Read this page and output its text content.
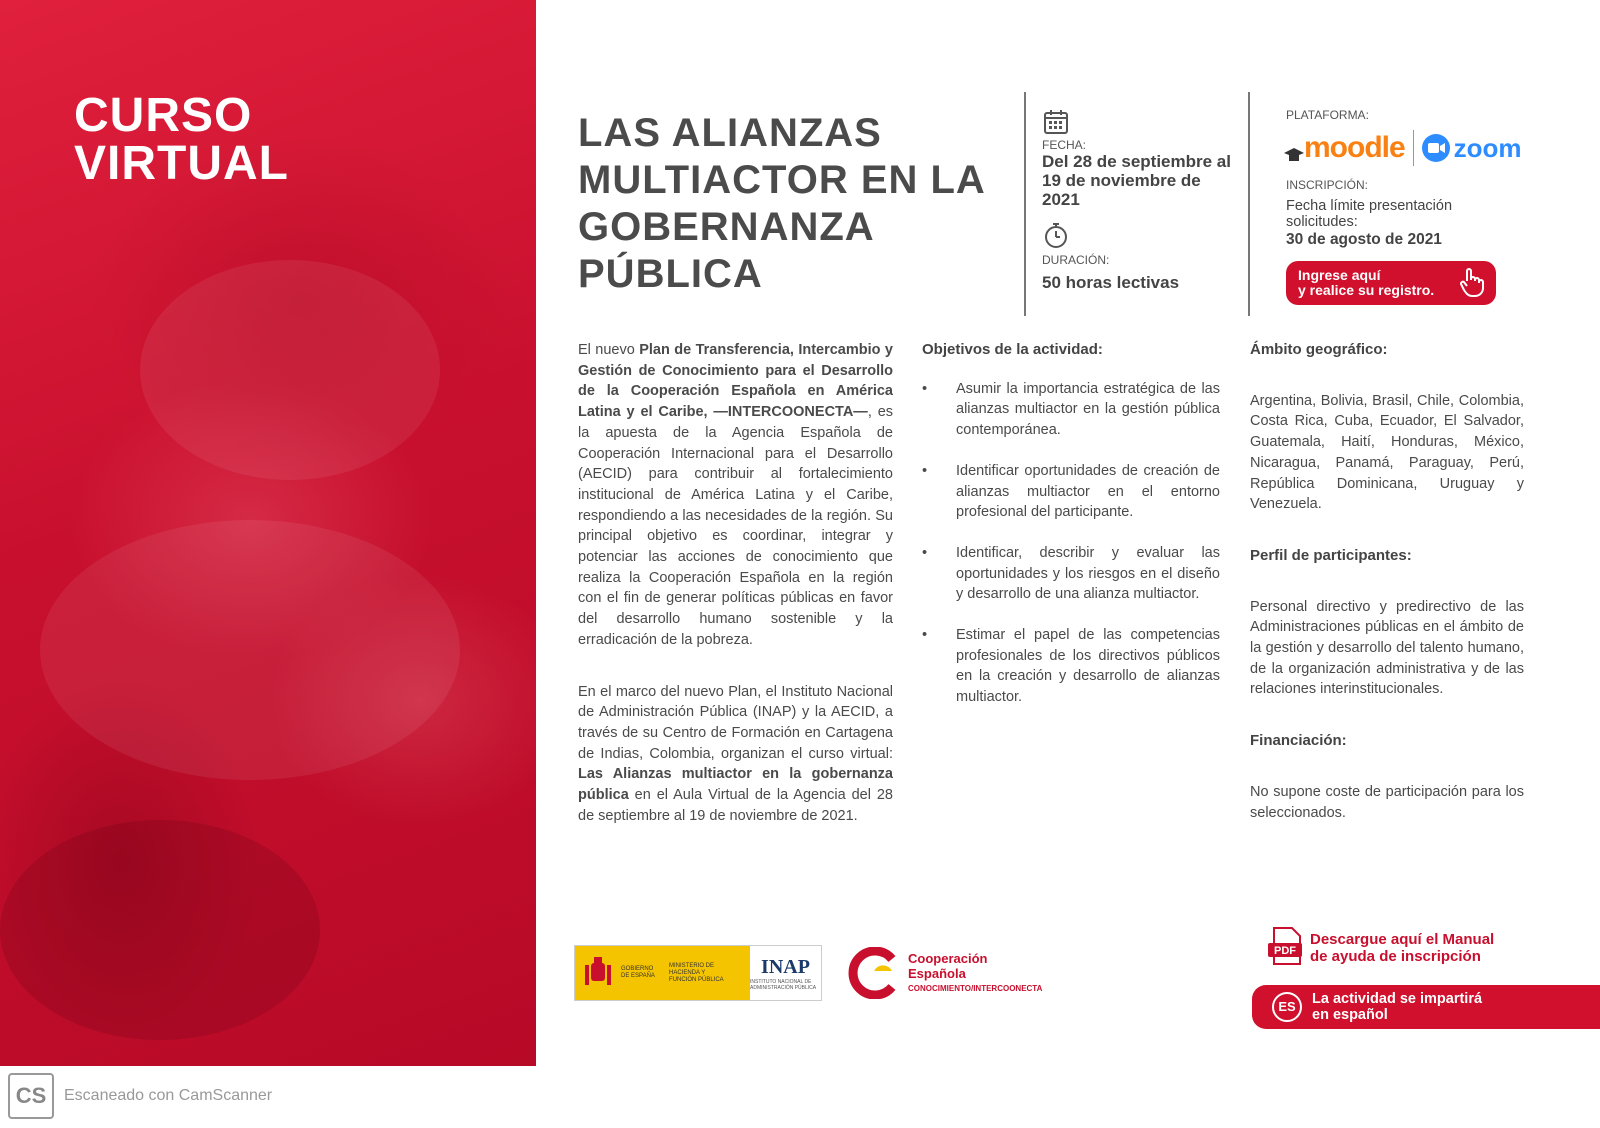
CURSO
VIRTUAL
LAS ALIANZAS MULTIACTOR EN LA GOBERNANZA PÚBLICA
FECHA:
Del 28 de septiembre al 19 de noviembre de 2021
DURACIÓN:
50 horas lectivas
PLATAFORMA:
moodle zoom
INSCRIPCIÓN:
Fecha límite presentación solicitudes:
30 de agosto de 2021
Ingrese aquí
y realice su registro.

El nuevo Plan de Transferencia, Intercambio y Gestión de Conocimiento para el Desarrollo de la Cooperación Española en América Latina y el Caribe, —INTERCOONECTA—, es la apuesta de la Agencia Española de Cooperación Internacional para el Desarrollo (AECID) para contribuir al fortalecimiento institucional de América Latina y el Caribe, respondiendo a las necesidades de la región. Su principal objetivo es coordinar, integrar y potenciar las acciones de conocimiento que realiza la Cooperación Española en la región con el fin de generar políticas públicas en favor del desarrollo humano sostenible y la erradicación de la pobreza.

En el marco del nuevo Plan, el Instituto Nacional de Administración Pública (INAP) y la AECID, a través de su Centro de Formación en Cartagena de Indias, Colombia, organizan el curso virtual: Las Alianzas multiactor en la gobernanza pública en el Aula Virtual de la Agencia del 28 de septiembre al 19 de noviembre de 2021.

Objetivos de la actividad:
• Asumir la importancia estratégica de las alianzas multiactor en la gestión pública contemporánea.
• Identificar oportunidades de creación de alianzas multiactor en el entorno profesional del participante.
• Identificar, describir y evaluar las oportunidades y los riesgos en el diseño y desarrollo de una alianza multiactor.
• Estimar el papel de las competencias profesionales de los directivos públicos en la creación y desarrollo de alianzas multiactor.
Ámbito geográfico:

Argentina, Bolivia, Brasil, Chile, Colombia, Costa Rica, Cuba, Ecuador, El Salvador, Guatemala, Haití, Honduras, México, Nicaragua, Panamá, Paraguay, Perú, República Dominicana, Uruguay y Venezuela.

Perfil de participantes:

Personal directivo y predirectivo de las Administraciones públicas en el ámbito de la gestión y desarrollo del talento humano, de la organización administrativa y de las relaciones interinstitucionales.

Financiación:

No supone coste de participación para los seleccionados.

GOBIERNO DE ESPAÑA
MINISTERIO DE HACIENDA Y FUNCIÓN PÚBLICA
INAP
INSTITUTO NACIONAL DE ADMINISTRACIÓN PÚBLICA
Cooperación
Española
CONOCIMIENTO/INTERCOONECTA
PDF
Descargue aquí el Manual
de ayuda de inscripción
ES	La actividad se impartirá
en español
CS	Escaneado con CamScanner
